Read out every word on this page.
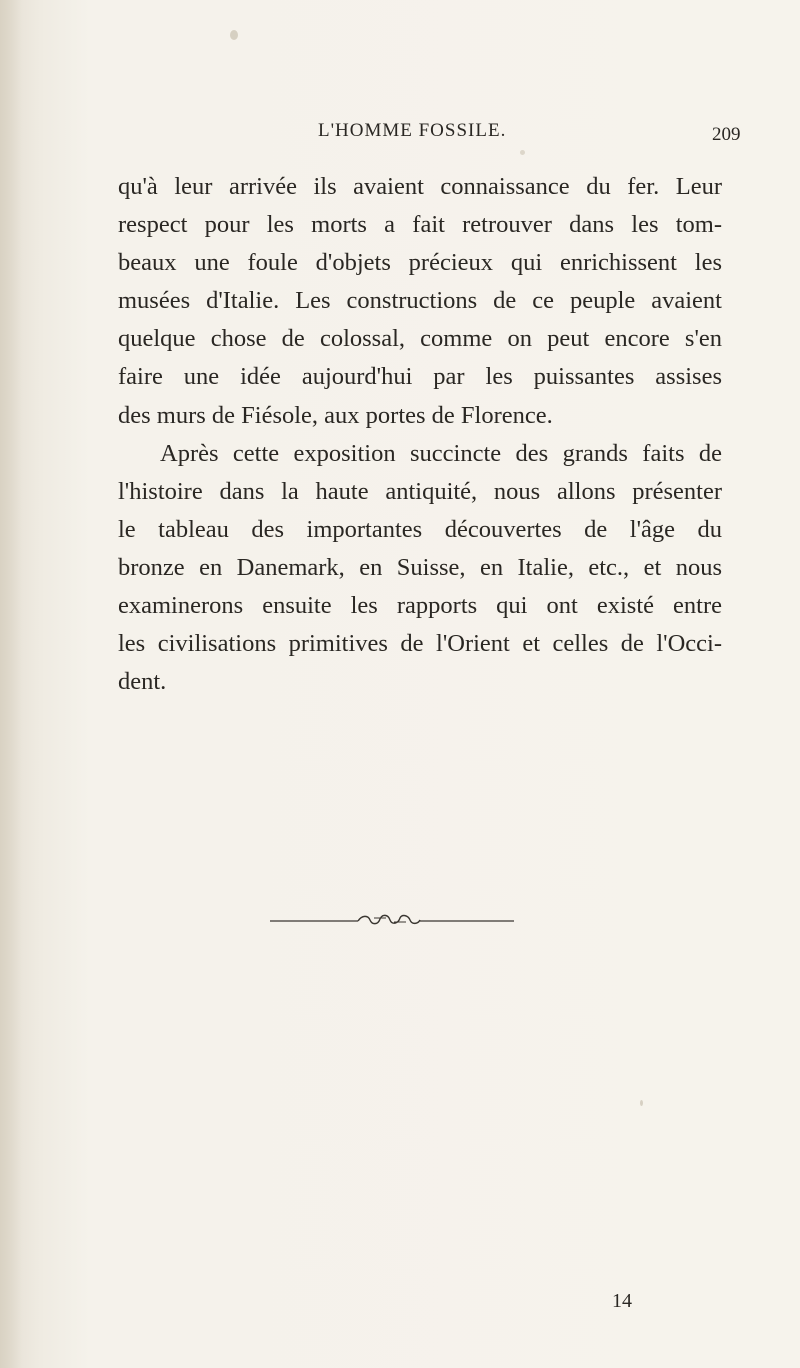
L'HOMME FOSSILE.	209
qu'à leur arrivée ils avaient connaissance du fer. Leur
respect pour les morts a fait retrouver dans les tom-
beaux une foule d'objets précieux qui enrichissent les
musées d'Italie. Les constructions de ce peuple avaient
quelque chose de colossal, comme on peut encore s'en
faire une idée aujourd'hui par les puissantes assises
des murs de Fiésole, aux portes de Florence.
Après cette exposition succincte des grands faits de
l'histoire dans la haute antiquité, nous allons présenter
le tableau des importantes découvertes de l'âge du
bronze en Danemark, en Suisse, en Italie, etc., et nous
examinerons ensuite les rapports qui ont existé entre
les civilisations primitives de l'Orient et celles de l'Occi-
dent.
14
